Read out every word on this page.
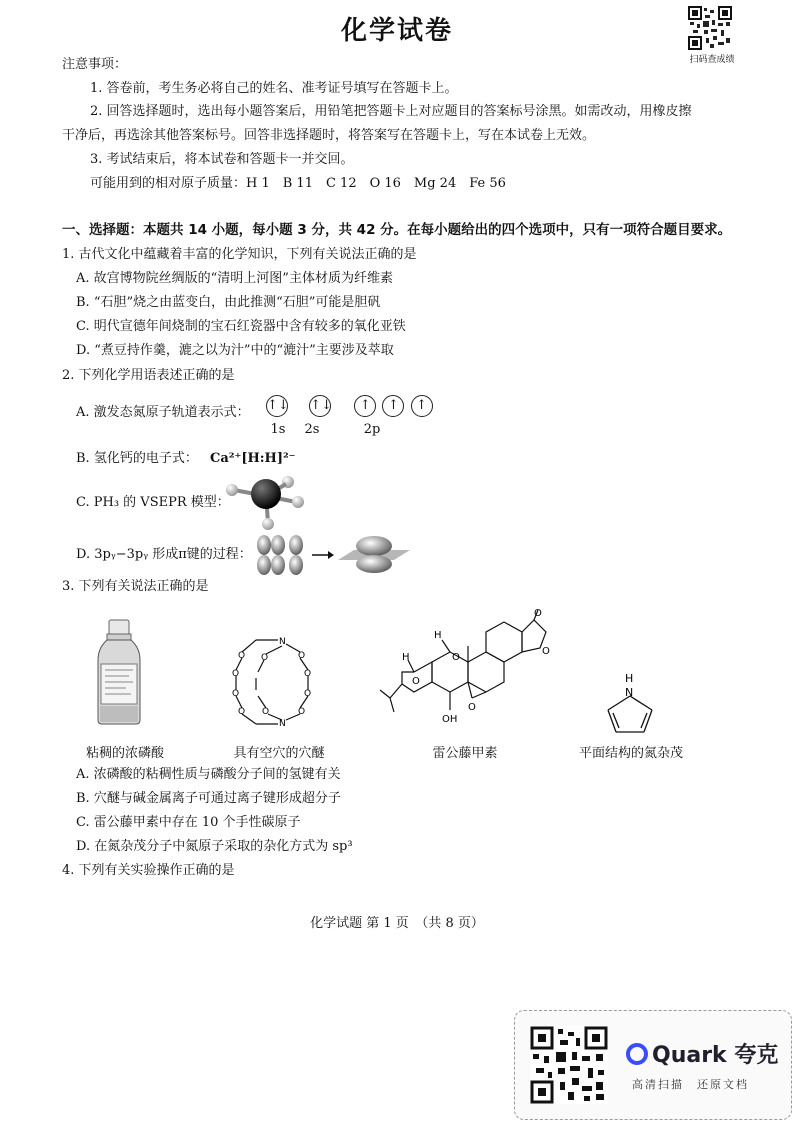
化学试卷
扫码查成绩
注意事项：
1. 答卷前，考生务必将自己的姓名、准考证号填写在答题卡上。
2. 回答选择题时，选出每小题答案后，用铅笔把答题卡上对应题目的答案标号涂黑。如需改动，用橡皮擦
干净后，再选涂其他答案标号。回答非选择题时，将答案写在答题卡上，写在本试卷上无效。
3. 考试结束后，将本试卷和答题卡一并交回。
可能用到的相对原子质量：H 1　B 11　C 12　O 16　Mg 24　Fe 56
一、选择题：本题共 14 小题，每小题 3 分，共 42 分。在每小题给出的四个选项中，只有一项符合题目要求。
1. 古代文化中蕴藏着丰富的化学知识，下列有关说法正确的是
A. 故宫博物院丝绸版的“清明上河图”主体材质为纤维素
B. “石胆”烧之由蓝变白，由此推测“石胆”可能是胆矾
C. 明代宣德年间烧制的宝石红瓷器中含有较多的氧化亚铁
D. “煮豆持作羹，漉之以为汁”中的“漉汁”主要涉及萃取
2. 下列化学用语表述正确的是
A. 激发态氮原子轨道表示式： ↑↓ ↑↓ ↑ ↑ ↑
1s	2s	2p
B. 氢化钙的电子式： Ca²⁺[H:H]²⁻
C. PH₃ 的 VSEPR 模型：
D. 3pᵧ−3pᵧ 形成π键的过程：
3. 下列有关说法正确的是
N
N
O	O
O	O
O	O
O	O
O
O
O
O
H
H
O
O
O
OH
H
N
粘稠的浓磷酸	具有空穴的穴醚	雷公藤甲素	平面结构的氮杂茂
A. 浓磷酸的粘稠性质与磷酸分子间的氢键有关
B. 穴醚与碱金属离子可通过离子键形成超分子
C. 雷公藤甲素中存在 10 个手性碳原子
D. 在氮杂茂分子中氮原子采取的杂化方式为 sp³
4. 下列有关实验操作正确的是
化学试题 第 1 页　（共 8 页）
Quark 夸克
高清扫描　还原文档
